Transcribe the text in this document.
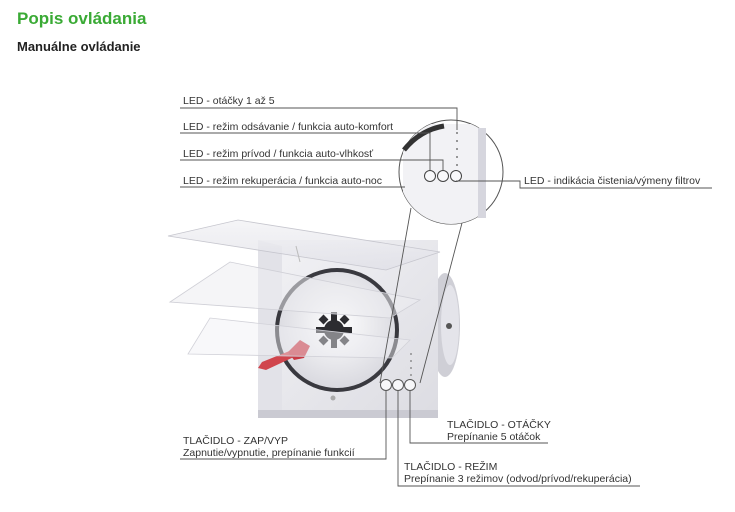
Popis ovládania
Manuálne ovládanie
LED - otáčky 1 až 5
LED - režim odsávanie / funkcia auto-komfort
LED - režim prívod / funkcia auto-vlhkosť
LED - režim rekuperácia / funkcia auto-noc	LED - indikácia čistenia/výmeny filtrov
TLAČIDLO - OTÁČKY
Prepínanie 5 otáčok
TLAČIDLO - ZAP/VYP
Zapnutie/vypnutie, prepínanie funkcií
TLAČIDLO - REŽIM
Prepínanie 3 režimov (odvod/prívod/rekuperácia)
